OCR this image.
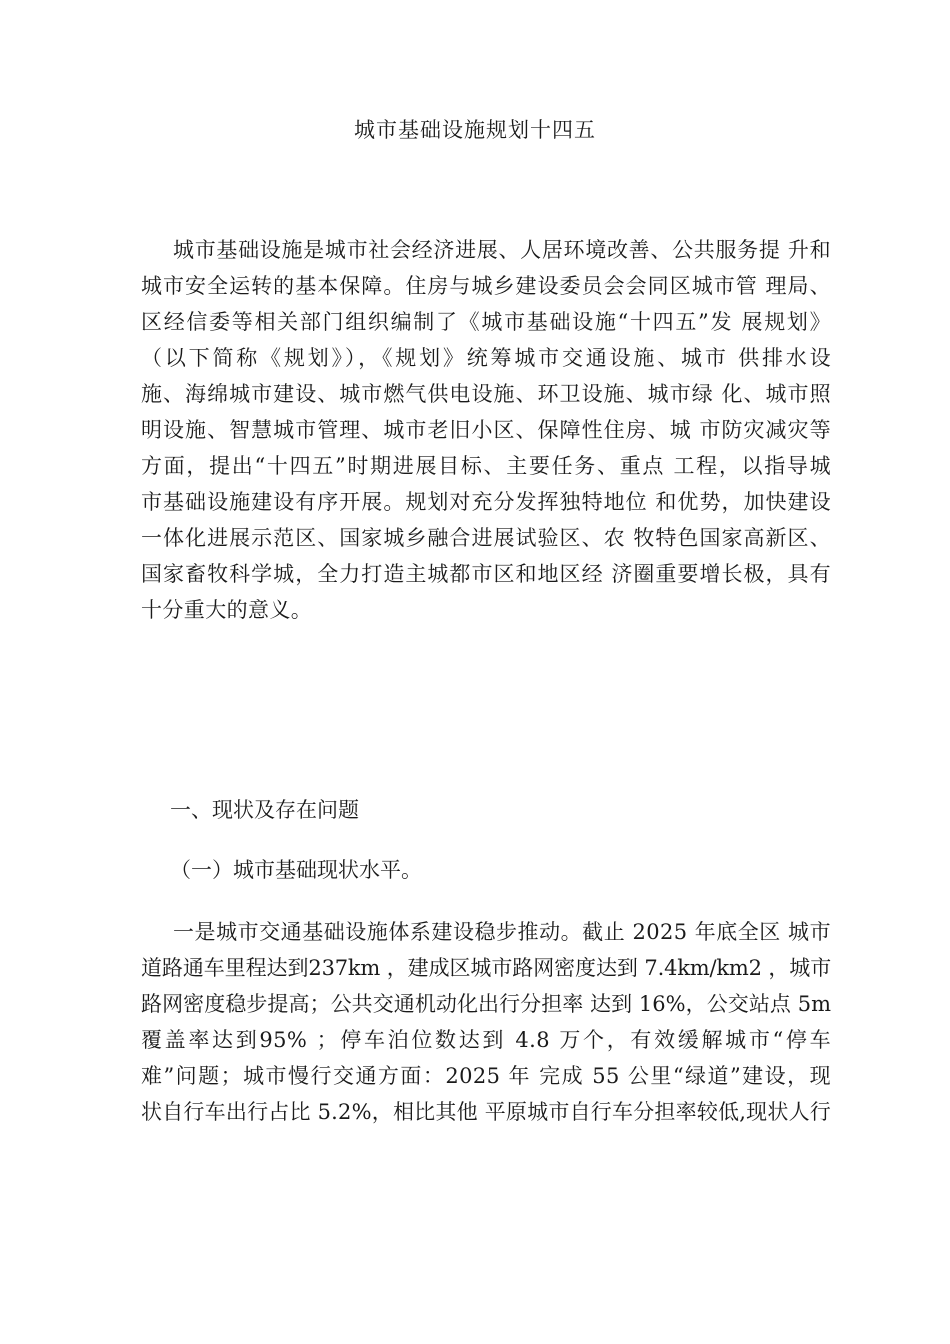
城市基础设施规划十四五

城市基础设施是城市社会经济进展、人居环境改善、公共服务提 升和
城市安全运转的基本保障。住房与城乡建设委员会会同区城市管 理局、
区经信委等相关部门组织编制了《城市基础设施“十四五”发 展规划》
（以下简称《规划》），《规划》统筹城市交通设施、城市 供排水设
施、海绵城市建设、城市燃气供电设施、环卫设施、城市绿 化、城市照
明设施、智慧城市管理、城市老旧小区、保障性住房、城 市防灾减灾等
方面，提出“十四五”时期进展目标、主要任务、重点 工程，以指导城
市基础设施建设有序开展。规划对充分发挥独特地位 和优势，加快建设
一体化进展示范区、国家城乡融合进展试验区、农 牧特色国家高新区、
国家畜牧科学城，全力打造主城都市区和地区经 济圈重要增长极，具有
十分重大的意义。

一、现状及存在问题
（一）城市基础现状水平。

一是城市交通基础设施体系建设稳步推动。截止 2025 年底全区 城市
道路通车里程达到237km ，建成区城市路网密度达到 7.4km/km2 ，城市
路网密度稳步提高；公共交通机动化出行分担率 达到 16%，公交站点 5m
覆盖率达到95% ；停车泊位数达到 4.8 万个，有效缓解城市“停车
难”问题；城市慢行交通方面：2025 年 完成 55 公里“绿道”建设，现
状自行车出行占比 5.2%，相比其他 平原城市自行车分担率较低,现状人行
